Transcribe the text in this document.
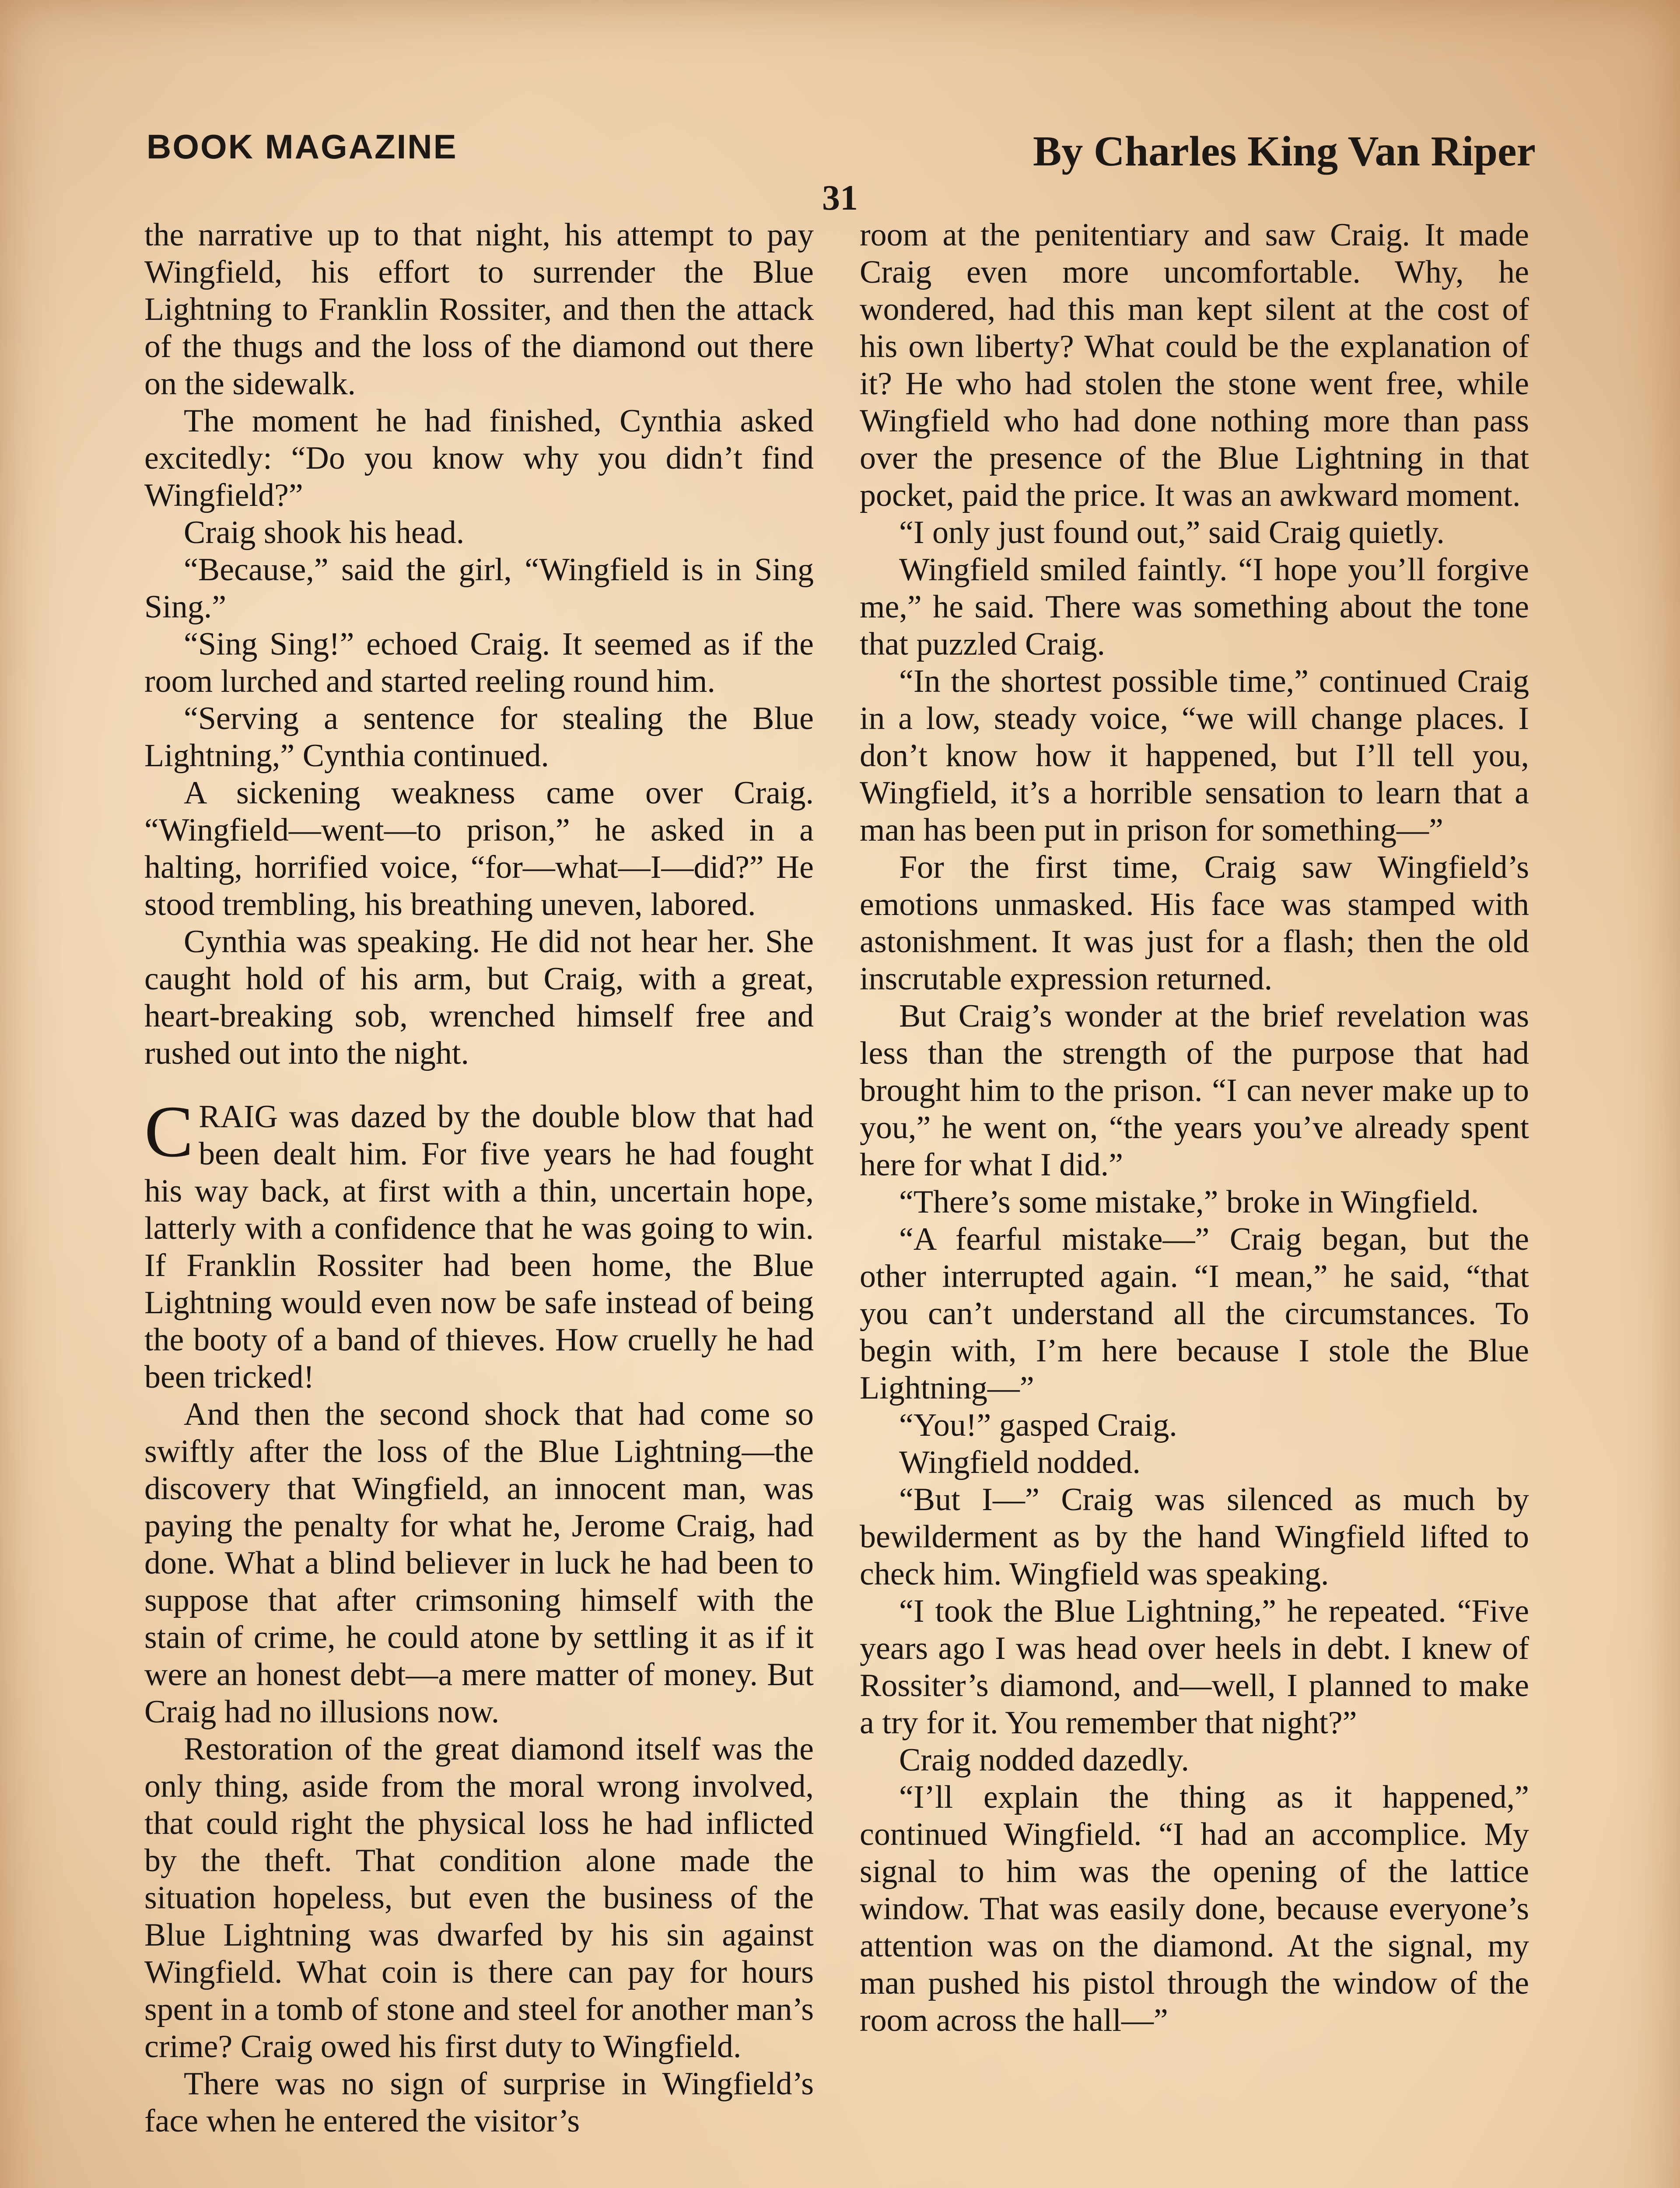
BOOK MAGAZINE	By Charles King Van Riper
31

the narrative up to that night, his attempt to pay Wingfield, his effort to surrender the Blue Lightning to Franklin Rossiter, and then the attack of the thugs and the loss of the diamond out there on the sidewalk.

The moment he had finished, Cynthia asked excitedly: “Do you know why you didn’t find Wingfield?”

Craig shook his head.

“Because,” said the girl, “Wingfield is in Sing Sing.”

“Sing Sing!” echoed Craig. It seemed as if the room lurched and started reeling round him.

“Serving a sentence for stealing the Blue Lightning,” Cynthia continued.

A sickening weakness came over Craig. “Wingfield—went—to prison,” he asked in a halting, horrified voice, “for—what—I—did?” He stood trembling, his breathing uneven, labored.

Cynthia was speaking. He did not hear her. She caught hold of his arm, but Craig, with a great, heart-breaking sob, wrenched himself free and rushed out into the night.

CRAIG was dazed by the double blow that had been dealt him. For five years he had fought his way back, at first with a thin, uncertain hope, latterly with a confidence that he was going to win. If Franklin Rossiter had been home, the Blue Lightning would even now be safe instead of being the booty of a band of thieves. How cruelly he had been tricked!

And then the second shock that had come so swiftly after the loss of the Blue Lightning—the discovery that Wingfield, an innocent man, was paying the penalty for what he, Jerome Craig, had done. What a blind believer in luck he had been to suppose that after crimsoning himself with the stain of crime, he could atone by settling it as if it were an honest debt—a mere matter of money. But Craig had no illusions now.

Restoration of the great diamond itself was the only thing, aside from the moral wrong involved, that could right the physical loss he had inflicted by the theft. That condition alone made the situation hopeless, but even the business of the Blue Lightning was dwarfed by his sin against Wingfield. What coin is there can pay for hours spent in a tomb of stone and steel for another man’s crime? Craig owed his first duty to Wingfield.

There was no sign of surprise in Wingfield’s face when he entered the visitor’s

room at the penitentiary and saw Craig. It made Craig even more uncomfortable. Why, he wondered, had this man kept silent at the cost of his own liberty? What could be the explanation of it? He who had stolen the stone went free, while Wingfield who had done nothing more than pass over the presence of the Blue Lightning in that pocket, paid the price. It was an awkward moment.

“I only just found out,” said Craig quietly.

Wingfield smiled faintly. “I hope you’ll forgive me,” he said. There was something about the tone that puzzled Craig.

“In the shortest possible time,” continued Craig in a low, steady voice, “we will change places. I don’t know how it happened, but I’ll tell you, Wingfield, it’s a horrible sensation to learn that a man has been put in prison for something—”

For the first time, Craig saw Wingfield’s emotions unmasked. His face was stamped with astonishment. It was just for a flash; then the old inscrutable expression returned.

But Craig’s wonder at the brief revelation was less than the strength of the purpose that had brought him to the prison. “I can never make up to you,” he went on, “the years you’ve already spent here for what I did.”

“There’s some mistake,” broke in Wingfield.

“A fearful mistake—” Craig began, but the other interrupted again. “I mean,” he said, “that you can’t understand all the circumstances. To begin with, I’m here because I stole the Blue Lightning—”

“You!” gasped Craig.

Wingfield nodded.

“But I—” Craig was silenced as much by bewilderment as by the hand Wingfield lifted to check him. Wingfield was speaking.

“I took the Blue Lightning,” he repeated. “Five years ago I was head over heels in debt. I knew of Rossiter’s diamond, and—well, I planned to make a try for it. You remember that night?”

Craig nodded dazedly.

“I’ll explain the thing as it happened,” continued Wingfield. “I had an accomplice. My signal to him was the opening of the lattice window. That was easily done, because everyone’s attention was on the diamond. At the signal, my man pushed his pistol through the window of the room across the hall—”
